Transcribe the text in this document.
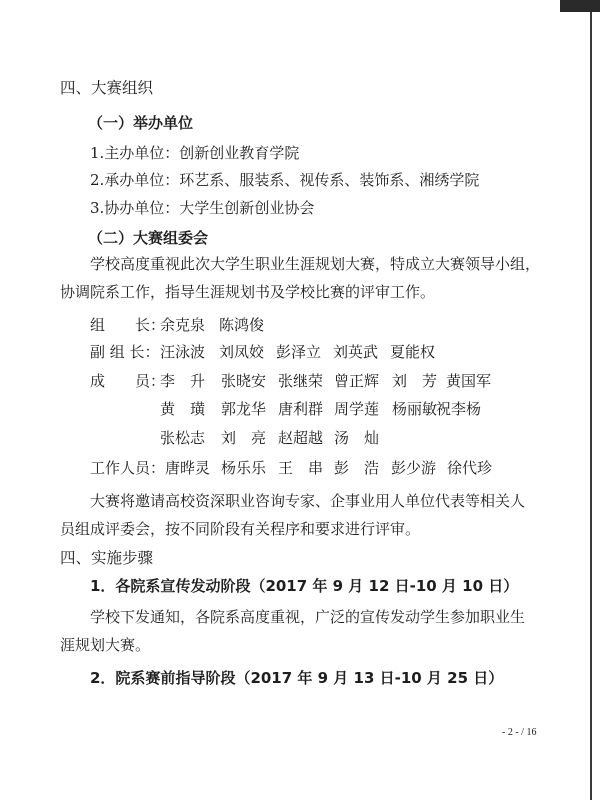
四、大赛组织
（一）举办单位
1.主办单位：创新创业教育学院
2.承办单位：环艺系、服装系、视传系、装饰系、湘绣学院
3.协办单位：大学生创新创业协会
（二）大赛组委会
学校高度重视此次大学生职业生涯规划大赛，特成立大赛领导小组，
协调院系工作，指导生涯规划书及学校比赛的评审工作。
组　　长：
余克泉 陈鸿俊
副 组 长： 汪泳波 刘凤姣 彭泽立 刘英武 夏能权
成　　员：
李　升 张晓安 张继荣 曾正辉 刘　芳 黄国军
黄　璜 郭龙华 唐利群 周学莲 杨丽敏
祝李杨
张松志 刘　亮 赵超越 汤　灿
工作人员： 唐晔灵 杨乐乐 王　串 彭　浩 彭少游 徐代珍
大赛将邀请高校资深职业咨询专家、企事业用人单位代表等相关人
员组成评委会，按不同阶段有关程序和要求进行评审。
四、实施步骤
1．各院系宣传发动阶段（2017 年 9 月 12 日-10 月 10 日）
学校下发通知，各院系高度重视，广泛的宣传发动学生参加职业生
涯规划大赛。
2．院系赛前指导阶段（2017 年 9 月 13 日-10 月 25 日）
- 2 - / 16
